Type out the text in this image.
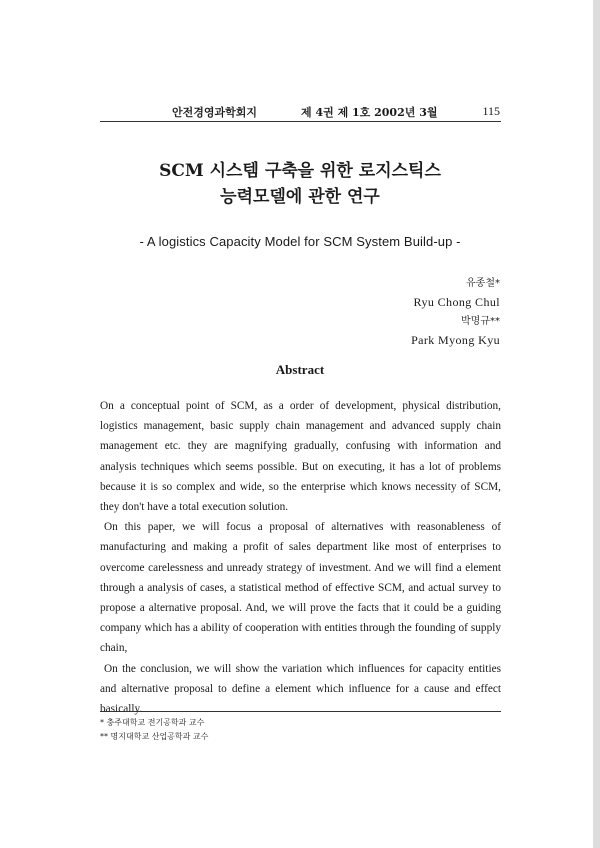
안전경영과학회지	제 4권 제 1호 2002년 3월	115
SCM 시스템 구축을 위한 로지스틱스
능력모델에 관한 연구
- A logistics Capacity Model for SCM System Build-up -
유종철*
Ryu Chong Chul
박명규**
Park Myong Kyu
Abstract

On a conceptual point of SCM, as a order of development, physical distribution, logistics management, basic supply chain management and advanced supply chain management etc. they are magnifying gradually, confusing with information and analysis techniques which seems possible. But on executing, it has a lot of problems because it is so complex and wide, so the enterprise which knows necessity of SCM, they don't have a total execution solution.

On this paper, we will focus a proposal of alternatives with reasonableness of manufacturing and making a profit of sales department like most of enterprises to overcome carelessness and unready strategy of investment. And we will find a element through a analysis of cases, a statistical method of effective SCM, and actual survey to propose a alternative proposal. And, we will prove the facts that it could be a guiding company which has a ability of cooperation with entities through the founding of supply chain,

On the conclusion, we will show the variation which influences for capacity entities and alternative proposal to define a element which influence for a cause and effect basically.

* 충주대학교 전기공학과 교수
** 명지대학교 산업공학과 교수
